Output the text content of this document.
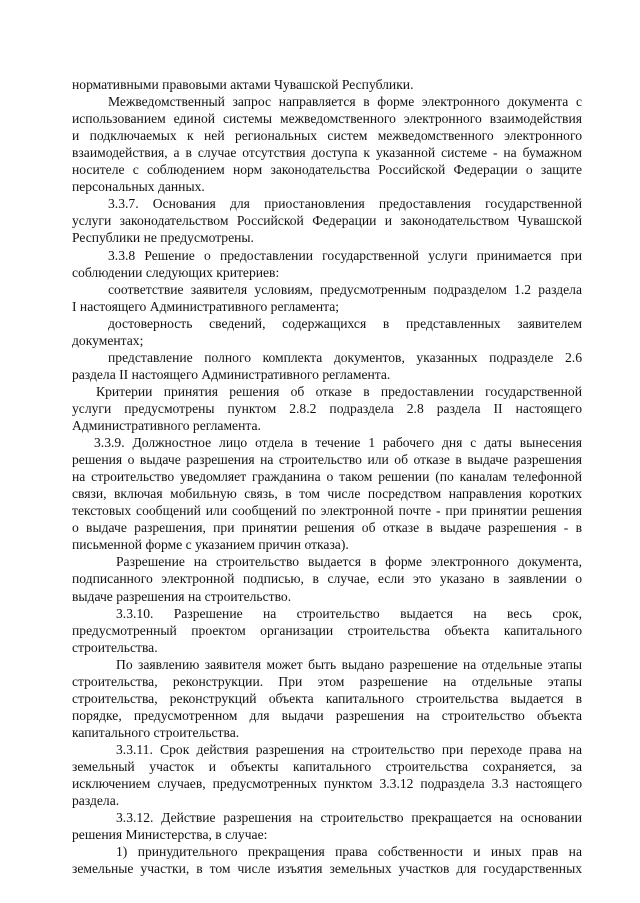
нормативными правовыми актами Чувашской Республики.
Межведомственный запрос направляется в форме электронного документа с
использованием единой системы межведомственного электронного взаимодействия
и подключаемых к ней региональных систем межведомственного электронного
взаимодействия, а в случае отсутствия доступа к указанной системе - на бумажном
носителе с соблюдением норм законодательства Российской Федерации о защите
персональных данных.
3.3.7. Основания для приостановления предоставления государственной
услуги законодательством Российской Федерации и законодательством Чувашской
Республики не предусмотрены.
3.3.8 Решение о предоставлении государственной услуги принимается при
соблюдении следующих критериев:
соответствие заявителя условиям, предусмотренным подразделом 1.2 раздела
I настоящего Административного регламента;
достоверность сведений, содержащихся в представленных заявителем
документах;
представление полного комплекта документов, указанных подразделе 2.6
раздела II настоящего Административного регламента.
Критерии принятия решения об отказе в предоставлении государственной
услуги предусмотрены пунктом 2.8.2 подраздела 2.8 раздела II настоящего
Административного регламента.
3.3.9. Должностное лицо отдела в течение 1 рабочего дня с даты вынесения
решения о выдаче разрешения на строительство или об отказе в выдаче разрешения
на строительство уведомляет гражданина о таком решении (по каналам телефонной
связи, включая мобильную связь, в том числе посредством направления коротких
текстовых сообщений или сообщений по электронной почте - при принятии решения
о выдаче разрешения, при принятии решения об отказе в выдаче разрешения - в
письменной форме с указанием причин отказа).
Разрешение на строительство выдается в форме электронного документа,
подписанного электронной подписью, в случае, если это указано в заявлении о
выдаче разрешения на строительство.
3.3.10. Разрешение на строительство выдается на весь срок,
предусмотренный проектом организации строительства объекта капитального
строительства.
По заявлению заявителя может быть выдано разрешение на отдельные этапы
строительства, реконструкции. При этом разрешение на отдельные этапы
строительства, реконструкций объекта капитального строительства выдается в
порядке, предусмотренном для выдачи разрешения на строительство объекта
капитального строительства.
3.3.11. Срок действия разрешения на строительство при переходе права на
земельный участок и объекты капитального строительства сохраняется, за
исключением случаев, предусмотренных пунктом 3.3.12 подраздела 3.3 настоящего
раздела.
3.3.12. Действие разрешения на строительство прекращается на основании
решения Министерства, в случае:
1) принудительного прекращения права собственности и иных прав на
земельные участки, в том числе изъятия земельных участков для государственных
